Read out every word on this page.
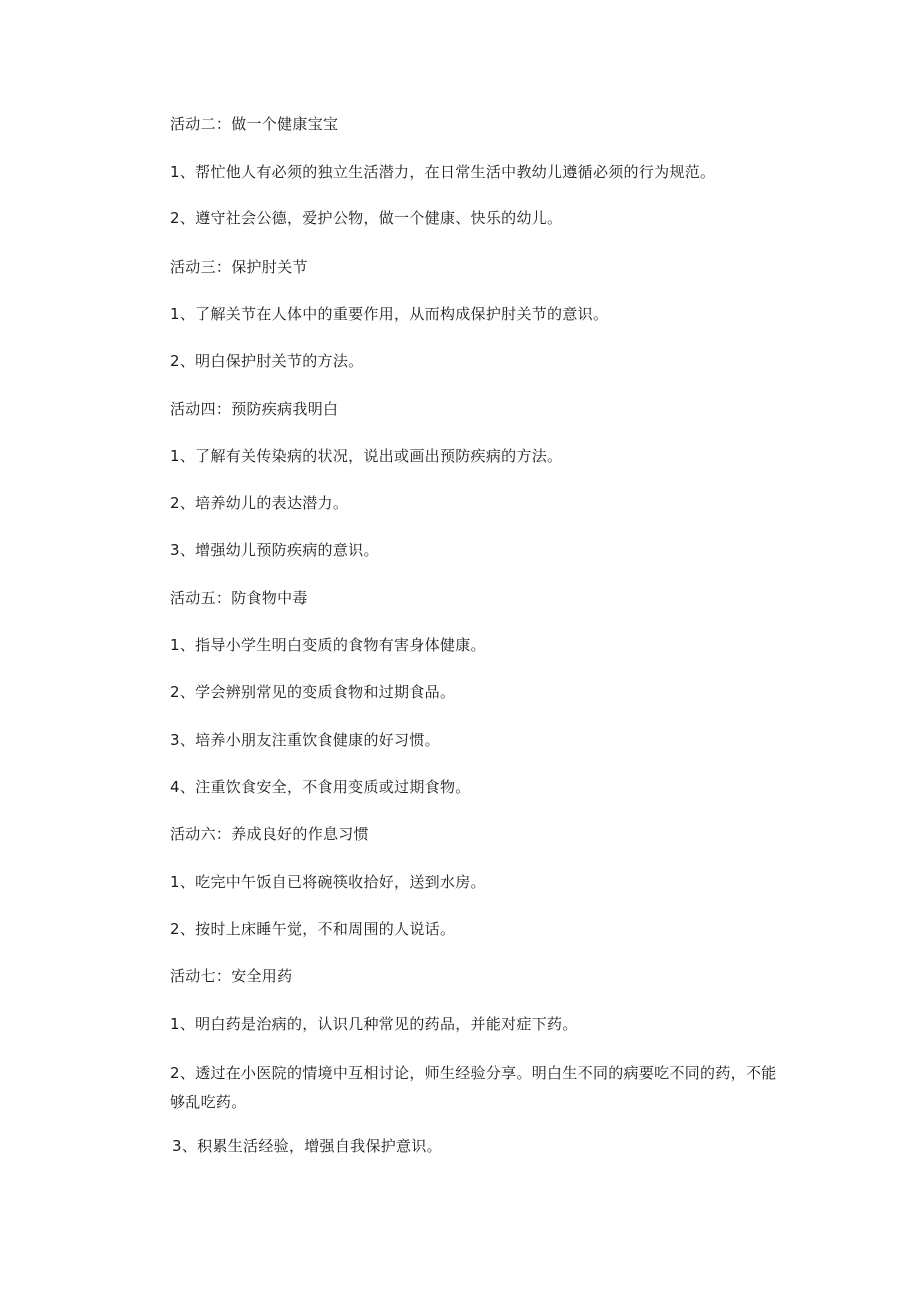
活动二：做一个健康宝宝

1、帮忙他人有必须的独立生活潜力，在日常生活中教幼儿遵循必须的行为规范。

2、遵守社会公德，爱护公物，做一个健康、快乐的幼儿。

活动三：保护肘关节

1、了解关节在人体中的重要作用，从而构成保护肘关节的意识。

2、明白保护肘关节的方法。

活动四：预防疾病我明白

1、了解有关传染病的状况，说出或画出预防疾病的方法。

2、培养幼儿的表达潜力。

3、增强幼儿预防疾病的意识。

活动五：防食物中毒

1、指导小学生明白变质的食物有害身体健康。

2、学会辨别常见的变质食物和过期食品。

3、培养小朋友注重饮食健康的好习惯。

4、注重饮食安全，不食用变质或过期食物。

活动六：养成良好的作息习惯

1、吃完中午饭自已将碗筷收拾好，送到水房。

2、按时上床睡午觉，不和周围的人说话。

活动七：安全用药

1、明白药是治病的，认识几种常见的药品，并能对症下药。

2、透过在小医院的情境中互相讨论，师生经验分享。明白生不同的病要吃不同的药，不能够乱吃药。

3、积累生活经验，增强自我保护意识。
